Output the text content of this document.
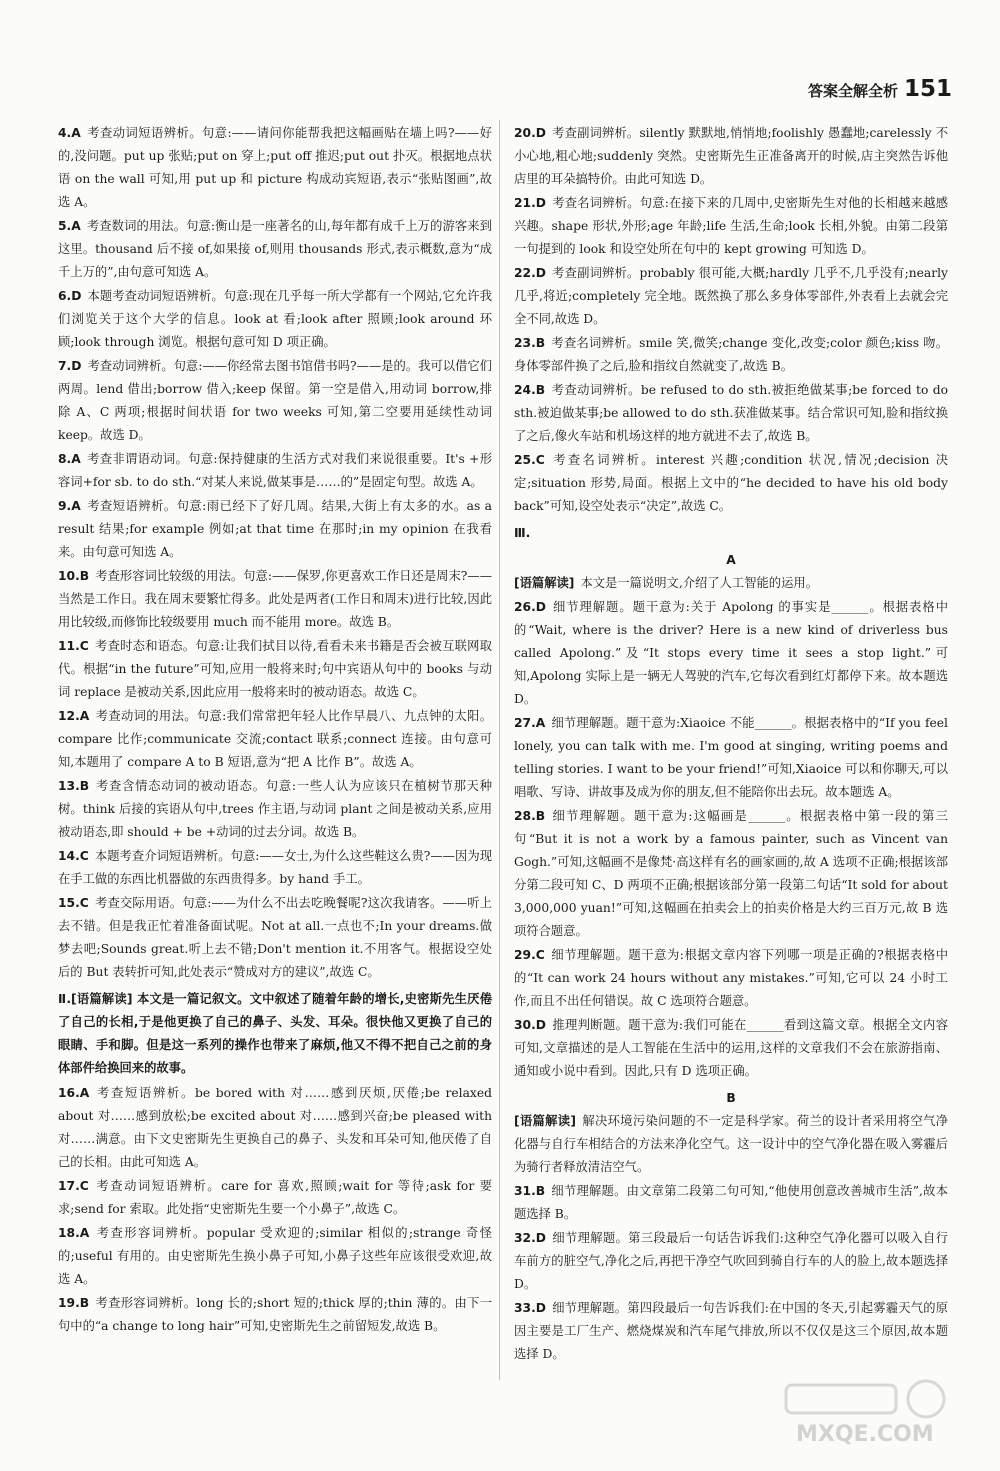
答案全解全析 151
4.A 考查动词短语辨析。句意:——请问你能帮我把这幅画贴在墙上吗?——好的,没问题。put up 张贴;put on 穿上;put off 推迟;put out 扑灭。根据地点状语 on the wall 可知,用 put up 和 picture 构成动宾短语,表示“张贴图画”,故选 A。
5.A 考查数词的用法。句意:衡山是一座著名的山,每年都有成千上万的游客来到这里。thousand 后不接 of,如果接 of,则用 thousands 形式,表示概数,意为“成千上万的”,由句意可知选 A。
6.D 本题考查动词短语辨析。句意:现在几乎每一所大学都有一个网站,它允许我们浏览关于这个大学的信息。look at 看;look after 照顾;look around 环顾;look through 浏览。根据句意可知 D 项正确。
7.D 考查动词辨析。句意:——你经常去图书馆借书吗?——是的。我可以借它们两周。lend 借出;borrow 借入;keep 保留。第一空是借入,用动词 borrow,排除 A、C 两项;根据时间状语 for two weeks 可知,第二空要用延续性动词 keep。故选 D。
8.A 考查非谓语动词。句意:保持健康的生活方式对我们来说很重要。It's +形容词+for sb. to do sth.“对某人来说,做某事是……的”是固定句型。故选 A。
9.A 考查短语辨析。句意:雨已经下了好几周。结果,大街上有太多的水。as a result 结果;for example 例如;at that time 在那时;in my opinion 在我看来。由句意可知选 A。
10.B 考查形容词比较级的用法。句意:——保罗,你更喜欢工作日还是周末?——当然是工作日。我在周末要繁忙得多。此处是两者(工作日和周末)进行比较,因此用比较级,而修饰比较级要用 much 而不能用 more。故选 B。
11.C 考查时态和语态。句意:让我们拭目以待,看看未来书籍是否会被互联网取代。根据“in the future”可知,应用一般将来时;句中宾语从句中的 books 与动词 replace 是被动关系,因此应用一般将来时的被动语态。故选 C。
12.A 考查动词的用法。句意:我们常常把年轻人比作早晨八、九点钟的太阳。compare 比作;communicate 交流;contact 联系;connect 连接。由句意可知,本题用了 compare A to B 短语,意为“把 A 比作 B”。故选 A。
13.B 考查含情态动词的被动语态。句意:一些人认为应该只在植树节那天种树。think 后接的宾语从句中,trees 作主语,与动词 plant 之间是被动关系,应用被动语态,即 should + be +动词的过去分词。故选 B。
14.C 本题考查介词短语辨析。句意:——女士,为什么这些鞋这么贵?——因为现在手工做的东西比机器做的东西贵得多。by hand 手工。
15.C 考查交际用语。句意:——为什么不出去吃晚餐呢?这次我请客。——听上去不错。但是我正忙着准备面试呢。Not at all.一点也不;In your dreams.做梦去吧;Sounds great.听上去不错;Don't mention it.不用客气。根据设空处后的 But 表转折可知,此处表示“赞成对方的建议”,故选 C。
Ⅱ.[语篇解读] 本文是一篇记叙文。文中叙述了随着年龄的增长,史密斯先生厌倦了自己的长相,于是他更换了自己的鼻子、头发、耳朵。很快他又更换了自己的眼睛、手和脚。但是这一系列的操作也带来了麻烦,他又不得不把自己之前的身体部件给换回来的故事。
16.A 考查短语辨析。be bored with 对……感到厌烦,厌倦;be relaxed about 对……感到放松;be excited about 对……感到兴奋;be pleased with 对……满意。由下文史密斯先生更换自己的鼻子、头发和耳朵可知,他厌倦了自己的长相。由此可知选 A。
17.C 考查动词短语辨析。care for 喜欢,照顾;wait for 等待;ask for 要求;send for 索取。此处指“史密斯先生要一个小鼻子”,故选 C。
18.A 考查形容词辨析。popular 受欢迎的;similar 相似的;strange 奇怪的;useful 有用的。由史密斯先生换小鼻子可知,小鼻子这些年应该很受欢迎,故选 A。
19.B 考查形容词辨析。long 长的;short 短的;thick 厚的;thin 薄的。由下一句中的“a change to long hair”可知,史密斯先生之前留短发,故选 B。
20.D 考查副词辨析。silently 默默地,悄悄地;foolishly 愚蠢地;carelessly 不小心地,粗心地;suddenly 突然。史密斯先生正准备离开的时候,店主突然告诉他店里的耳朵搞特价。由此可知选 D。
21.D 考查名词辨析。句意:在接下来的几周中,史密斯先生对他的长相越来越感兴趣。shape 形状,外形;age 年龄;life 生活,生命;look 长相,外貌。由第二段第一句提到的 look 和设空处所在句中的 kept growing 可知选 D。
22.D 考查副词辨析。probably 很可能,大概;hardly 几乎不,几乎没有;nearly 几乎,将近;completely 完全地。既然换了那么多身体零部件,外表看上去就会完全不同,故选 D。
23.B 考查名词辨析。smile 笑,微笑;change 变化,改变;color 颜色;kiss 吻。身体零部件换了之后,脸和指纹自然就变了,故选 B。
24.B 考查动词辨析。be refused to do sth.被拒绝做某事;be forced to do sth.被迫做某事;be allowed to do sth.获准做某事。结合常识可知,脸和指纹换了之后,像火车站和机场这样的地方就进不去了,故选 B。
25.C 考查名词辨析。interest 兴趣;condition 状况,情况;decision 决定;situation 形势,局面。根据上文中的“he decided to have his old body back”可知,设空处表示“决定”,故选 C。
Ⅲ.
A
[语篇解读] 本文是一篇说明文,介绍了人工智能的运用。
26.D 细节理解题。题干意为:关于 Apolong 的事实是______。根据表格中的“Wait, where is the driver? Here is a new kind of driverless bus called Apolong.”及“It stops every time it sees a stop light.”可知,Apolong 实际上是一辆无人驾驶的汽车,它每次看到红灯都停下来。故本题选 D。
27.A 细节理解题。题干意为:Xiaoice 不能______。根据表格中的“If you feel lonely, you can talk with me. I'm good at singing, writing poems and telling stories. I want to be your friend!”可知,Xiaoice 可以和你聊天,可以唱歌、写诗、讲故事及成为你的朋友,但不能陪你出去玩。故本题选 A。
28.B 细节理解题。题干意为:这幅画是______。根据表格中第一段的第三句“But it is not a work by a famous painter, such as Vincent van Gogh.”可知,这幅画不是像梵·高这样有名的画家画的,故 A 选项不正确;根据该部分第二段可知 C、D 两项不正确;根据该部分第一段第二句话“It sold for about 3,000,000 yuan!”可知,这幅画在拍卖会上的拍卖价格是大约三百万元,故 B 选项符合题意。
29.C 细节理解题。题干意为:根据文章内容下列哪一项是正确的?根据表格中的“It can work 24 hours without any mistakes.”可知,它可以 24 小时工作,而且不出任何错误。故 C 选项符合题意。
30.D 推理判断题。题干意为:我们可能在______看到这篇文章。根据全文内容可知,文章描述的是人工智能在生活中的运用,这样的文章我们不会在旅游指南、通知或小说中看到。因此,只有 D 选项正确。
B
[语篇解读] 解决环境污染问题的不一定是科学家。荷兰的设计者采用将空气净化器与自行车相结合的方法来净化空气。这一设计中的空气净化器在吸入雾霾后为骑行者释放清洁空气。
31.B 细节理解题。由文章第二段第二句可知,“他使用创意改善城市生活”,故本题选择 B。
32.D 细节理解题。第三段最后一句话告诉我们:这种空气净化器可以吸入自行车前方的脏空气,净化之后,再把干净空气吹回到骑自行车的人的脸上,故本题选择 D。
33.D 细节理解题。第四段最后一句告诉我们:在中国的冬天,引起雾霾天气的原因主要是工厂生产、燃烧煤炭和汽车尾气排放,所以不仅仅是这三个原因,故本题选择 D。
MXQE.COM
